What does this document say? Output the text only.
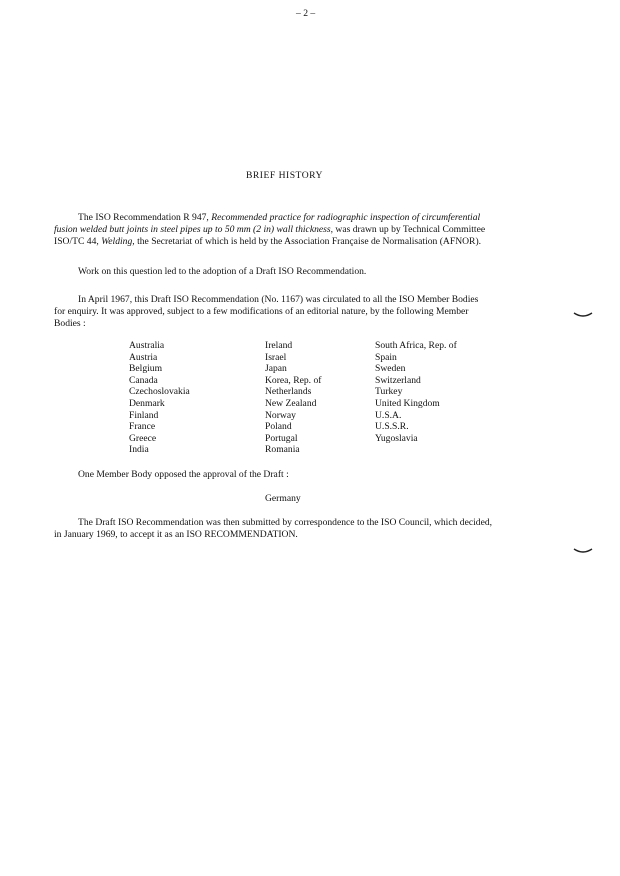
– 2 –
BRIEF HISTORY
The ISO Recommendation R 947, Recommended practice for radiographic inspection of circumferential
fusion welded butt joints in steel pipes up to 50 mm (2 in) wall thickness, was drawn up by Technical Committee
ISO/TC 44, Welding, the Secretariat of which is held by the Association Française de Normalisation (AFNOR).
Work on this question led to the adoption of a Draft ISO Recommendation.
In April 1967, this Draft ISO Recommendation (No. 1167) was circulated to all the ISO Member Bodies
for enquiry. It was approved, subject to a few modifications of an editorial nature, by the following Member
Bodies :
Australia
Austria
Belgium
Canada
Czechoslovakia
Denmark
Finland
France
Greece
India
Ireland
Israel
Japan
Korea, Rep. of
Netherlands
New Zealand
Norway
Poland
Portugal
Romania
South Africa, Rep. of
Spain
Sweden
Switzerland
Turkey
United Kingdom
U.S.A.
U.S.S.R.
Yugoslavia
One Member Body opposed the approval of the Draft :
Germany
The Draft ISO Recommendation was then submitted by correspondence to the ISO Council, which decided,
in January 1969, to accept it as an ISO RECOMMENDATION.
